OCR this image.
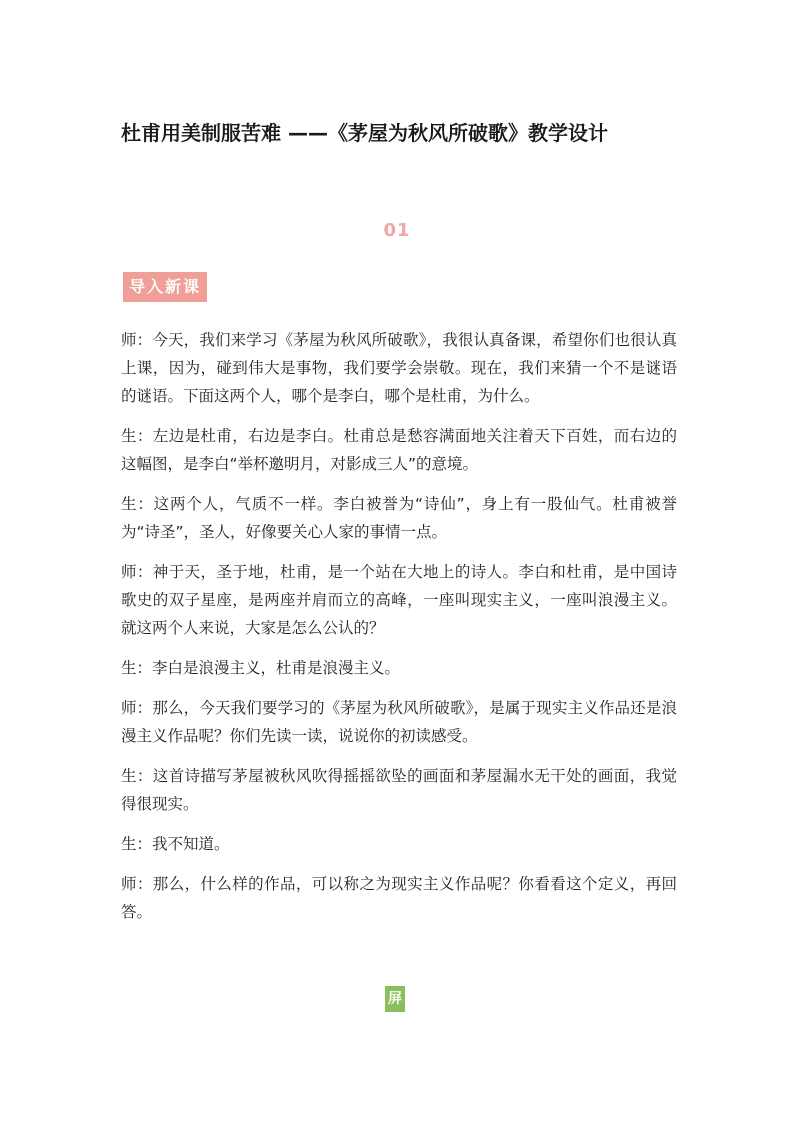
杜甫用美制服苦难 ——《茅屋为秋风所破歌》教学设计
01
导入新课

师：今天，我们来学习《茅屋为秋风所破歌》，我很认真备课，希望你们也很认真上课，因为，碰到伟大是事物，我们要学会崇敬。现在，我们来猜一个不是谜语的谜语。下面这两个人，哪个是李白，哪个是杜甫，为什么。

生：左边是杜甫，右边是李白。杜甫总是愁容满面地关注着天下百姓，而右边的这幅图，是李白“举杯邀明月，对影成三人”的意境。

生：这两个人，气质不一样。李白被誉为“诗仙”，身上有一股仙气。杜甫被誉为“诗圣”，圣人，好像要关心人家的事情一点。

师：神于天，圣于地，杜甫，是一个站在大地上的诗人。李白和杜甫，是中国诗歌史的双子星座，是两座并肩而立的高峰，一座叫现实主义，一座叫浪漫主义。就这两个人来说，大家是怎么公认的？

生：李白是浪漫主义，杜甫是浪漫主义。

师：那么，今天我们要学习的《茅屋为秋风所破歌》，是属于现实主义作品还是浪漫主义作品呢？你们先读一读，说说你的初读感受。

生：这首诗描写茅屋被秋风吹得摇摇欲坠的画面和茅屋漏水无干处的画面，我觉得很现实。

生：我不知道。

师：那么，什么样的作品，可以称之为现实主义作品呢？你看看这个定义，再回答。

屏
